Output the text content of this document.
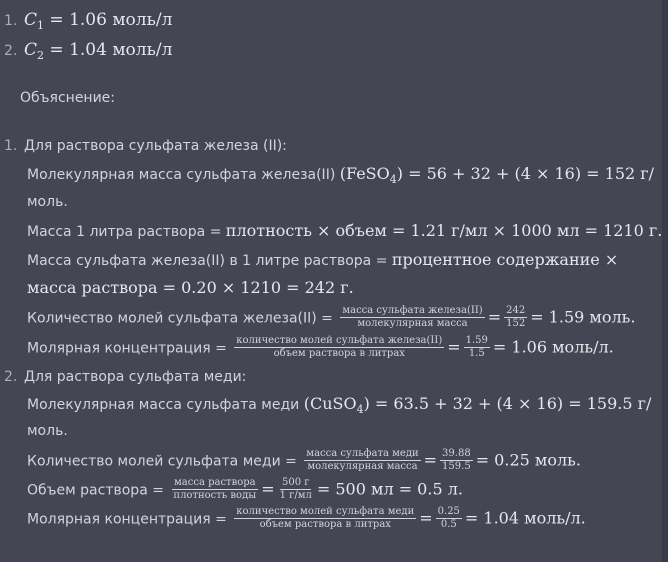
1. $C_1 = 1.06$ моль/л
2. $C_2 = 1.04$ моль/л
Объяснение:
1. Для раствора сульфата железа (II):
Молекулярная масса сульфата железа(II) (FeSO$_4$) = 56 + 32 + (4 × 16) = 152 г/
моль.
Масса 1 литра раствора = плотность × объем = 1.21 г/мл × 1000 мл = 1210 г.
Масса сульфата железа(II) в 1 литре раствора = процентное содержание ×
масса раствора = 0.20 × 1210 = 242 г.
Количество молей сульфата железа(II) = $\frac{\text{масса сульфата железа(II)}}{\text{молекулярная масса}} = \frac{242}{152} = 1.59$ моль.
Молярная концентрация = $\frac{\text{количество молей сульфата железа(II)}}{\text{объем раствора в литрах}} = \frac{1.59}{1.5} = 1.06$ моль/л.
2. Для раствора сульфата меди:
Молекулярная масса сульфата меди (CuSO$_4$) = 63.5 + 32 + (4 × 16) = 159.5 г/
моль.
Количество молей сульфата меди = $\frac{\text{масса сульфата меди}}{\text{молекулярная масса}} = \frac{39.88}{159.5} = 0.25$ моль.
Объем раствора = $\frac{\text{масса раствора}}{\text{плотность воды}} = \frac{500 г}{1 г/мл} = 500$ мл = 0.5 л.
Молярная концентрация = $\frac{\text{количество молей сульфата меди}}{\text{объем раствора в литрах}} = \frac{0.25}{0.5} = 1.04$ моль/л.
